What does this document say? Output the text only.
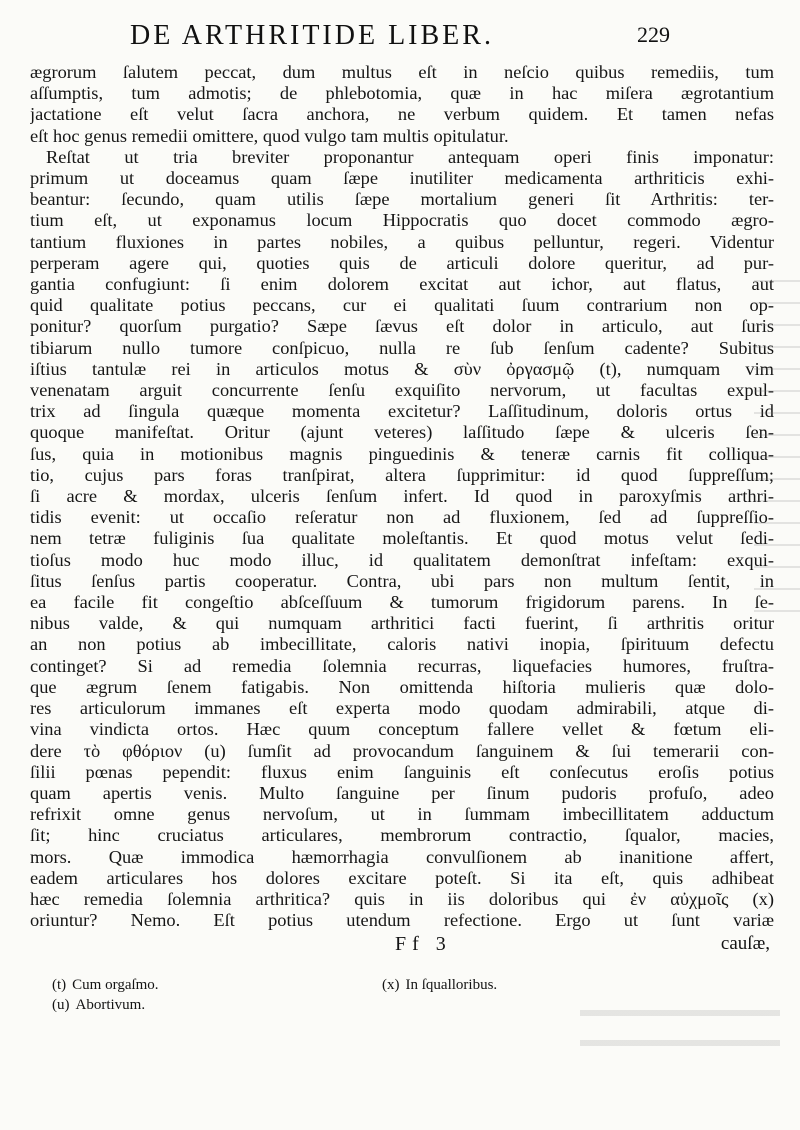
DE ARTHRITIDE LIBER.	229
ægrorum ſalutem peccat, dum multus eſt in neſcio quibus remediis, tum
aſſumptis, tum admotis; de phlebotomia, quæ in hac miſera ægrotantium
jactatione eſt velut ſacra anchora, ne verbum quidem. Et tamen nefas
eſt hoc genus remedii omittere, quod vulgo tam multis opitulatur.
Reſtat ut tria breviter proponantur antequam operi finis imponatur:
primum ut doceamus quam ſæpe inutiliter medicamenta arthriticis exhi-
beantur: ſecundo, quam utilis ſæpe mortalium generi ſit Arthritis: ter-
tium eſt, ut exponamus locum Hippocratis quo docet commodo ægro-
tantium fluxiones in partes nobiles, a quibus pelluntur, regeri. Videntur
perperam agere qui, quoties quis de articuli dolore queritur, ad pur-
gantia confugiunt: ſi enim dolorem excitat aut ichor, aut flatus, aut
quid qualitate potius peccans, cur ei qualitati ſuum contrarium non op-
ponitur? quorſum purgatio? Sæpe ſævus eſt dolor in articulo, aut ſuris
tibiarum nullo tumore conſpicuo, nulla re ſub ſenſum cadente? Subitus
iſtius tantulæ rei in articulos motus & σὺν ὀργασμῷ (t), numquam vim
venenatam arguit concurrente ſenſu exquiſito nervorum, ut facultas expul-
trix ad ſingula quæque momenta excitetur? Laſſitudinum, doloris ortus id
quoque manifeſtat. Oritur (ajunt veteres) laſſitudo ſæpe & ulceris ſen-
ſus, quia in motionibus magnis pinguedinis & teneræ carnis fit colliqua-
tio, cujus pars foras tranſpirat, altera ſupprimitur: id quod ſuppreſſum;
ſi acre & mordax, ulceris ſenſum infert. Id quod in paroxyſmis arthri-
tidis evenit: ut occaſio reſeratur non ad fluxionem, ſed ad ſuppreſſio-
nem tetræ fuliginis ſua qualitate moleſtantis. Et quod motus velut ſedi-
tioſus modo huc modo illuc, id qualitatem demonſtrat infeſtam: exqui-
ſitus ſenſus partis cooperatur. Contra, ubi pars non multum ſentit, in
ea facile fit congeſtio abſceſſuum & tumorum frigidorum parens. In ſe-
nibus valde, & qui numquam arthritici facti fuerint, ſi arthritis oritur
an non potius ab imbecillitate, caloris nativi inopia, ſpirituum defectu
continget? Si ad remedia ſolemnia recurras, liquefacies humores, fruſtra-
que ægrum ſenem fatigabis. Non omittenda hiſtoria mulieris quæ dolo-
res articulorum immanes eſt experta modo quodam admirabili, atque di-
vina vindicta ortos. Hæc quum conceptum fallere vellet & fœtum eli-
dere τὸ φθόριον (u) ſumſit ad provocandum ſanguinem & ſui temerarii con-
ſilii pœnas pependit: fluxus enim ſanguinis eſt conſecutus eroſis potius
quam apertis venis. Multo ſanguine per ſinum pudoris profuſo, adeo
refrixit omne genus nervoſum, ut in ſummam imbecillitatem adductum
ſit; hinc cruciatus articulares, membrorum contractio, ſqualor, macies,
mors. Quæ immodica hæmorrhagia convulſionem ab inanitione affert,
eadem articulares hos dolores excitare poteſt. Si ita eſt, quis adhibeat
hæc remedia ſolemnia arthritica? quis in iis doloribus qui ἐν αὐχμοῖς (x)
oriuntur? Nemo. Eſt potius utendum refectione. Ergo ut ſunt variæ
Ff 3	cauſæ,
(t) Cum orgaſmo.
(u) Abortivum.
(x) In ſqualloribus.
